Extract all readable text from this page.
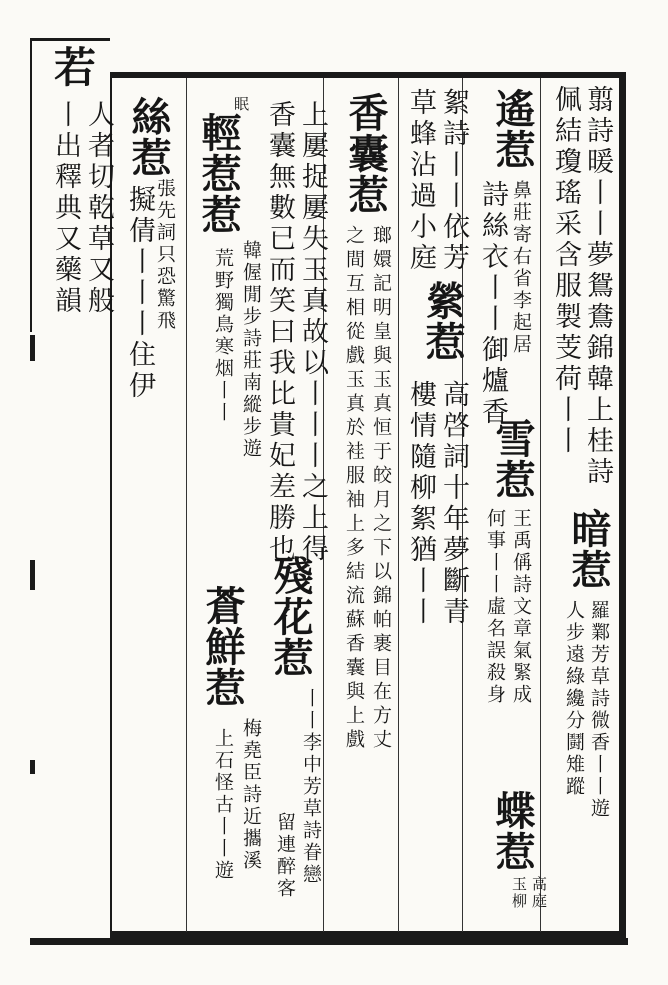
若
人者切乾草又般
丨出釋典又藥韻	翦詩暖丨丨夢鴛鴦錦韓上桂詩
佩結瓊瑤采含服製芰荷丨丨
暗惹
羅鄴芳草詩微香丨丨遊
人步遠綠纔分鬪雉蹤
遙惹
鼻莊寄右省李起居
詩絲衣丨丨御爐香
絮詩丨丨依芳
草蜂沾過小庭
雪惹
王禹偁詩文章氣緊成
何事丨丨虛名誤殺身
蝶惹
高庭
玉柳
縈惹
高啓詞十年夢斷青
樓情隨柳絮猶丨丨
香囊惹
瑯嬛記明皇與玉真恒于皎月之下以錦帕裹目在方丈
之間互相從戲玉真於袿服袖上多結流蘇香囊與上戲
上屢捉屢失玉真故以丨丨丨之上得
香囊無數已而笑曰我比貴妃差勝也
殘花惹
丨丨李中芳草詩眷戀
留連醉客
眠
輕惹惹
韓偓閒步詩莊南縱步遊
荒野獨鳥寒烟丨丨
蒼鮮惹
梅堯臣詩近攜溪
上石怪古丨丨遊
絲惹
張先詞只恐驚飛
擬倩丨丨丨住伊
